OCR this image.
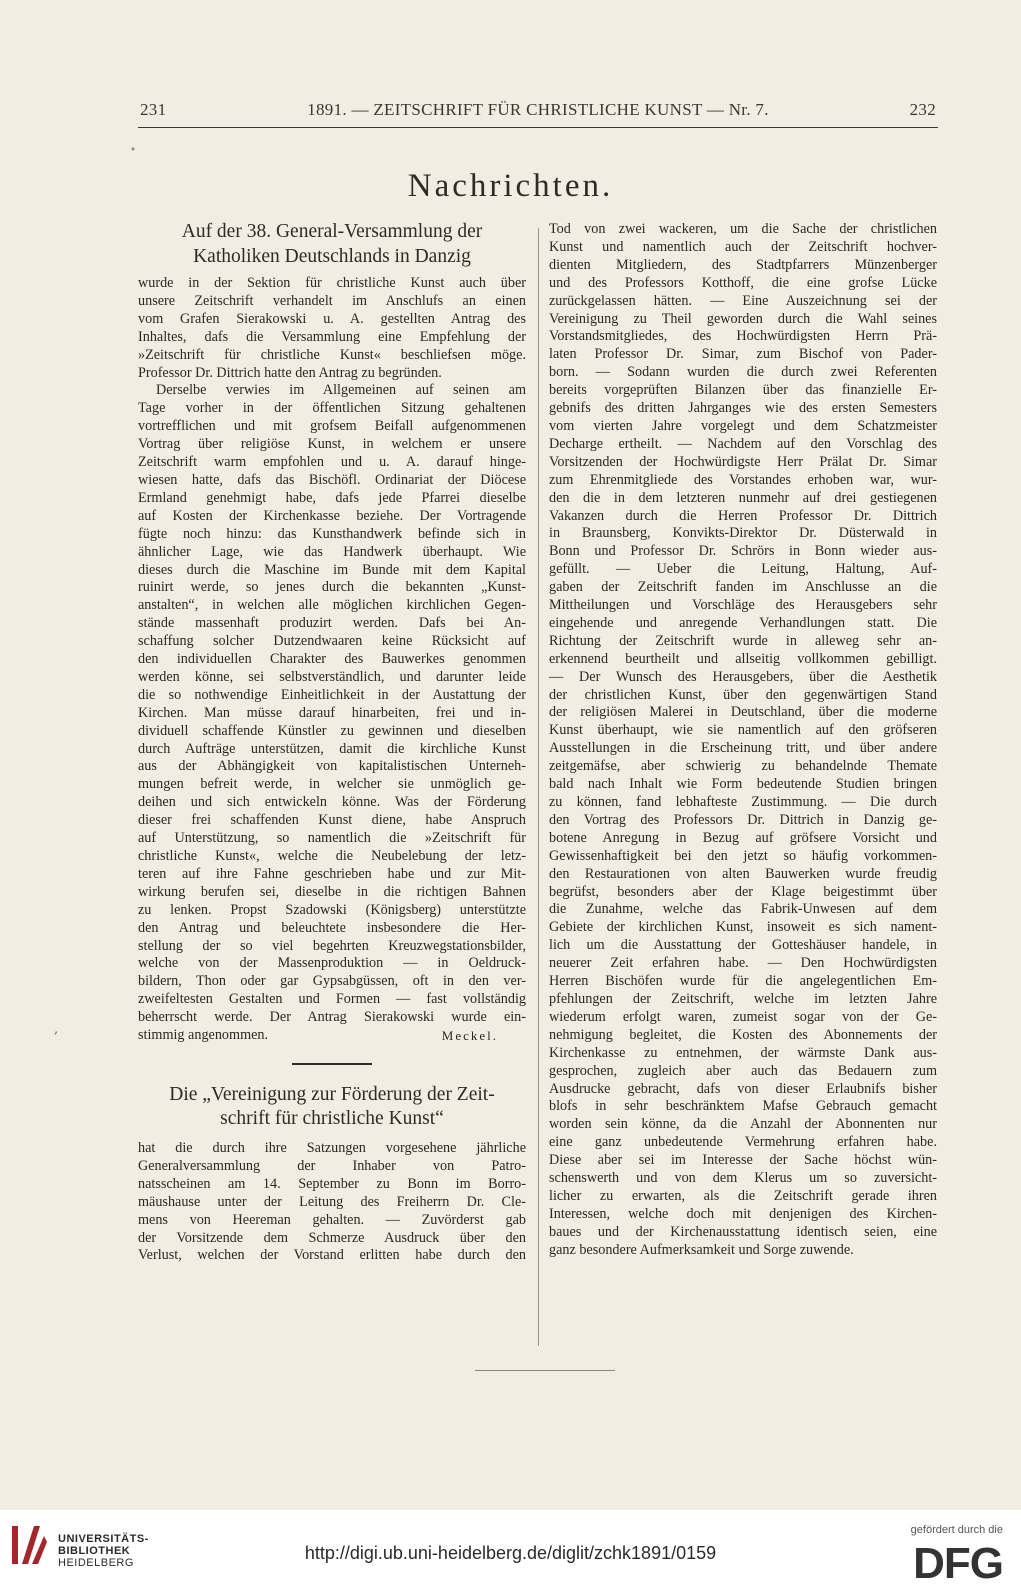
231	1891. — ZEITSCHRIFT FÜR CHRISTLICHE KUNST — Nr. 7.	232
•
,
Nachrichten.
Auf der 38. General-Versammlung der
Katholiken Deutschlands in Danzig

wurde in der Sektion für christliche Kunst auch über

unsere Zeitschrift verhandelt im Anschlufs an einen

vom Grafen Sierakowski u. A. gestellten Antrag des

Inhaltes, dafs die Versammlung eine Empfehlung der

»Zeitschrift für christliche Kunst« beschliefsen möge.

Professor Dr. Dittrich hatte den Antrag zu begründen.

Derselbe verwies im Allgemeinen auf seinen am

Tage vorher in der öffentlichen Sitzung gehaltenen

vortrefflichen und mit grofsem Beifall aufgenommenen

Vortrag über religiöse Kunst, in welchem er unsere

Zeitschrift warm empfohlen und u. A. darauf hinge-

wiesen hatte, dafs das Bischöfl. Ordinariat der Diöcese

Ermland genehmigt habe, dafs jede Pfarrei dieselbe

auf Kosten der Kirchenkasse beziehe. Der Vortragende

fügte noch hinzu: das Kunsthandwerk befinde sich in

ähnlicher Lage, wie das Handwerk überhaupt. Wie

dieses durch die Maschine im Bunde mit dem Kapital

ruinirt werde, so jenes durch die bekannten „Kunst-

anstalten“, in welchen alle möglichen kirchlichen Gegen-

stände massenhaft produzirt werden. Dafs bei An-

schaffung solcher Dutzendwaaren keine Rücksicht auf

den individuellen Charakter des Bauwerkes genommen

werden könne, sei selbstverständlich, und darunter leide

die so nothwendige Einheitlichkeit in der Austattung der

Kirchen. Man müsse darauf hinarbeiten, frei und in-

dividuell schaffende Künstler zu gewinnen und dieselben

durch Aufträge unterstützen, damit die kirchliche Kunst

aus der Abhängigkeit von kapitalistischen Unterneh-

mungen befreit werde, in welcher sie unmöglich ge-

deihen und sich entwickeln könne. Was der Förderung

dieser frei schaffenden Kunst diene, habe Anspruch

auf Unterstützung, so namentlich die »Zeitschrift für

christliche Kunst«, welche die Neubelebung der letz-

teren auf ihre Fahne geschrieben habe und zur Mit-

wirkung berufen sei, dieselbe in die richtigen Bahnen

zu lenken. Propst Szadowski (Königsberg) unterstützte

den Antrag und beleuchtete insbesondere die Her-

stellung der so viel begehrten Kreuzwegstationsbilder,

welche von der Massenproduktion — in Oeldruck-

bildern, Thon oder gar Gypsabgüssen, oft in den ver-

zweifeltesten Gestalten und Formen — fast vollständig

beherrscht werde. Der Antrag Sierakowski wurde ein-

stimmig angenommen.	Meckel.

Die „Vereinigung zur Förderung der Zeit-
schrift für christliche Kunst“

hat die durch ihre Satzungen vorgesehene jährliche

Generalversammlung der Inhaber von Patro-

natsscheinen am 14. September zu Bonn im Borro-

mäushause unter der Leitung des Freiherrn Dr. Cle-

mens von Heereman gehalten. — Zuvörderst gab

der Vorsitzende dem Schmerze Ausdruck über den

Verlust, welchen der Vorstand erlitten habe durch den

Tod von zwei wackeren, um die Sache der christlichen

Kunst und namentlich auch der Zeitschrift hochver-

dienten Mitgliedern, des Stadtpfarrers Münzenberger

und des Professors Kotthoff, die eine grofse Lücke

zurückgelassen hätten. — Eine Auszeichnung sei der

Vereinigung zu Theil geworden durch die Wahl seines

Vorstandsmitgliedes, des Hochwürdigsten Herrn Prä-

laten Professor Dr. Simar, zum Bischof von Pader-

born. — Sodann wurden die durch zwei Referenten

bereits vorgeprüften Bilanzen über das finanzielle Er-

gebnifs des dritten Jahrganges wie des ersten Semesters

vom vierten Jahre vorgelegt und dem Schatzmeister

Decharge ertheilt. — Nachdem auf den Vorschlag des

Vorsitzenden der Hochwürdigste Herr Prälat Dr. Simar

zum Ehrenmitgliede des Vorstandes erhoben war, wur-

den die in dem letzteren nunmehr auf drei gestiegenen

Vakanzen durch die Herren Professor Dr. Dittrich

in Braunsberg, Konvikts-Direktor Dr. Düsterwald in

Bonn und Professor Dr. Schrörs in Bonn wieder aus-

gefüllt. — Ueber die Leitung, Haltung, Auf-

gaben der Zeitschrift fanden im Anschlusse an die

Mittheilungen und Vorschläge des Herausgebers sehr

eingehende und anregende Verhandlungen statt. Die

Richtung der Zeitschrift wurde in alleweg sehr an-

erkennend beurtheilt und allseitig vollkommen gebilligt.

— Der Wunsch des Herausgebers, über die Aesthetik

der christlichen Kunst, über den gegenwärtigen Stand

der religiösen Malerei in Deutschland, über die moderne

Kunst überhaupt, wie sie namentlich auf den gröfseren

Ausstellungen in die Erscheinung tritt, und über andere

zeitgemäfse, aber schwierig zu behandelnde Themate

bald nach Inhalt wie Form bedeutende Studien bringen

zu können, fand lebhafteste Zustimmung. — Die durch

den Vortrag des Professors Dr. Dittrich in Danzig ge-

botene Anregung in Bezug auf gröfsere Vorsicht und

Gewissenhaftigkeit bei den jetzt so häufig vorkommen-

den Restaurationen von alten Bauwerken wurde freudig

begrüfst, besonders aber der Klage beigestimmt über

die Zunahme, welche das Fabrik-Unwesen auf dem

Gebiete der kirchlichen Kunst, insoweit es sich nament-

lich um die Ausstattung der Gotteshäuser handele, in

neuerer Zeit erfahren habe. — Den Hochwürdigsten

Herren Bischöfen wurde für die angelegentlichen Em-

pfehlungen der Zeitschrift, welche im letzten Jahre

wiederum erfolgt waren, zumeist sogar von der Ge-

nehmigung begleitet, die Kosten des Abonnements der

Kirchenkasse zu entnehmen, der wärmste Dank aus-

gesprochen, zugleich aber auch das Bedauern zum

Ausdrucke gebracht, dafs von dieser Erlaubnifs bisher

blofs in sehr beschränktem Mafse Gebrauch gemacht

worden sein könne, da die Anzahl der Abonnenten nur

eine ganz unbedeutende Vermehrung erfahren habe.

Diese aber sei im Interesse der Sache höchst wün-

schenswerth und von dem Klerus um so zuversicht-

licher zu erwarten, als die Zeitschrift gerade ihren

Interessen, welche doch mit denjenigen des Kirchen-

baues und der Kirchenausstattung identisch seien, eine

ganz besondere Aufmerksamkeit und Sorge zuwende.

UNIVERSITÄTS-
BIBLIOTHEK
HEIDELBERG	http://digi.ub.uni-heidelberg.de/diglit/zchk1891/0159
gefördert durch die
DFG
